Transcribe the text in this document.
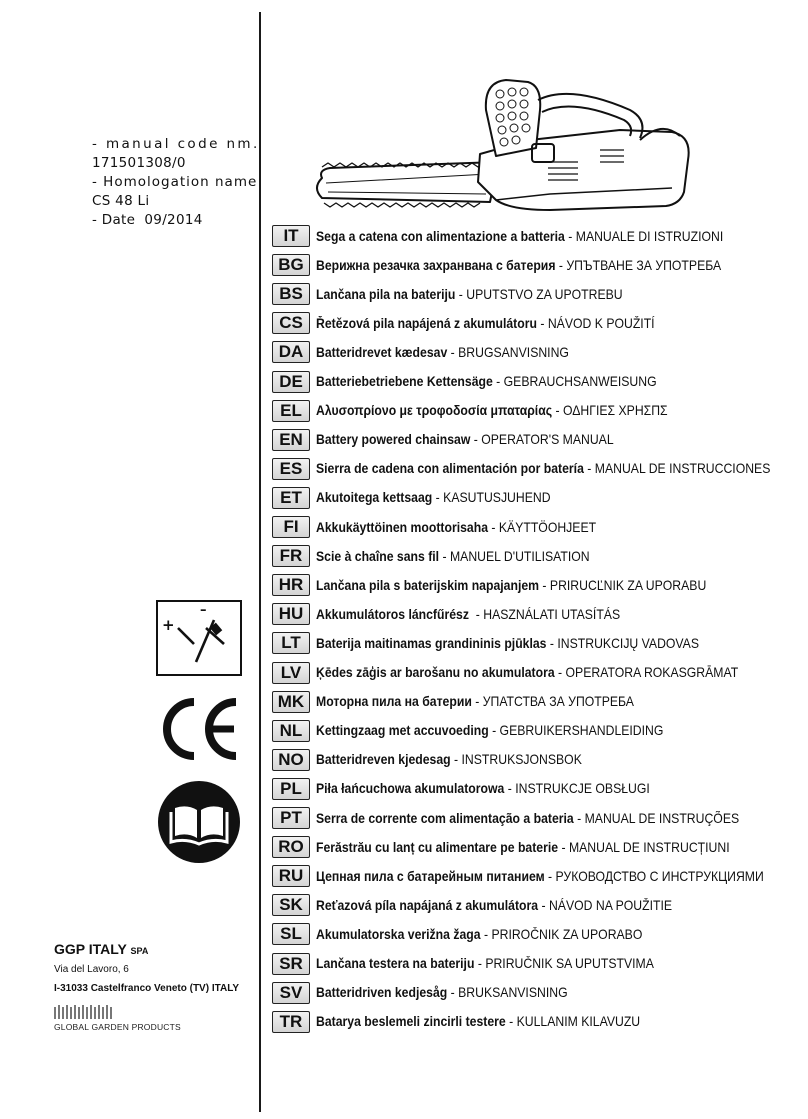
- manual code nm.
171501308/0
- Homologation name
CS 48 Li
- Date 09/2014
IT	Sega a catena con alimentazione a batteria - MANUALE DI ISTRUZIONI
BG Верижна резачка захранвана с батерия - УПЪТВАНЕ ЗА УПОТРЕБА
BS Lančana pila na bateriju - UPUTSTVO ZA UPOTREBU
CS Řetězová pila napájená z akumulátoru - NÁVOD K POUŽITÍ
DA Batteridrevet kædesav - BRUGSANVISNING
DE Batteriebetriebene Kettensäge - GEBRAUCHSANWEISUNG
EL	Αλυσοπρίονο με τροφοδοσία μπαταρίας - ΟΔΗΓΙΕΣ ΧΡΗΣΠΣ
EN Battery powered chainsaw - OPERATOR'S MANUAL
ES	Sierra de cadena con alimentación por batería - MANUAL DE INSTRUCCIONES
ET	Akutoitega kettsaag - KASUTUSJUHEND
FI	Akkukäyttöinen moottorisaha - KÄYTTÖOHJEET
FR	Scie à chaîne sans fil - MANUEL D'UTILISATION
HR Lančana pila s baterijskim napajanjem - PRIRUCĽNIK ZA UPORABU
HU Akkumulátoros láncfűrész  - HASZNÁLATI UTASÍTÁS
LT	Baterija maitinamas grandininis pjūklas - INSTRUKCIJŲ VADOVAS
LV	Ķēdes zāģis ar barošanu no akumulatora - OPERATORA ROKASGRĀMAT
MK Моторна пила на батерии - УПАТСТВА ЗА УПОТРЕБА
NL	Kettingzaag met accuvoeding - GEBRUIKERSHANDLEIDING
NO Batteridreven kjedesag - INSTRUKSJONSBOK
PL	Piła łańcuchowa akumulatorowa - INSTRUKCJE OBSŁUGI
PT	Serra de corrente com alimentação a bateria - MANUAL DE INSTRUÇÕES
RO Ferăstrău cu lanț cu alimentare pe baterie - MANUAL DE INSTRUCȚIUNI
RU Цепная пила с батарейным питанием - РУКОВОДСТВО С ИНСТРУКЦИЯМИ
SK Reťazová píla napájaná z akumulátora - NÁVOD NA POUŽITIE
SL	Akumulatorska verižna žaga - PRIROČNIK ZA UPORABO
SR Lančana testera na bateriju - PRIRUČNIK SA UPUTSTVIMA
SV	Batteridriven kedjesåg - BRUKSANVISNING
TR	Batarya beslemeli zincirli testere - KULLANIM KILAVUZU
+
–
GGP ITALY SPA
Via del Lavoro, 6
I-31033 Castelfranco Veneto (TV) ITALY
GLOBAL GARDEN PRODUCTS
